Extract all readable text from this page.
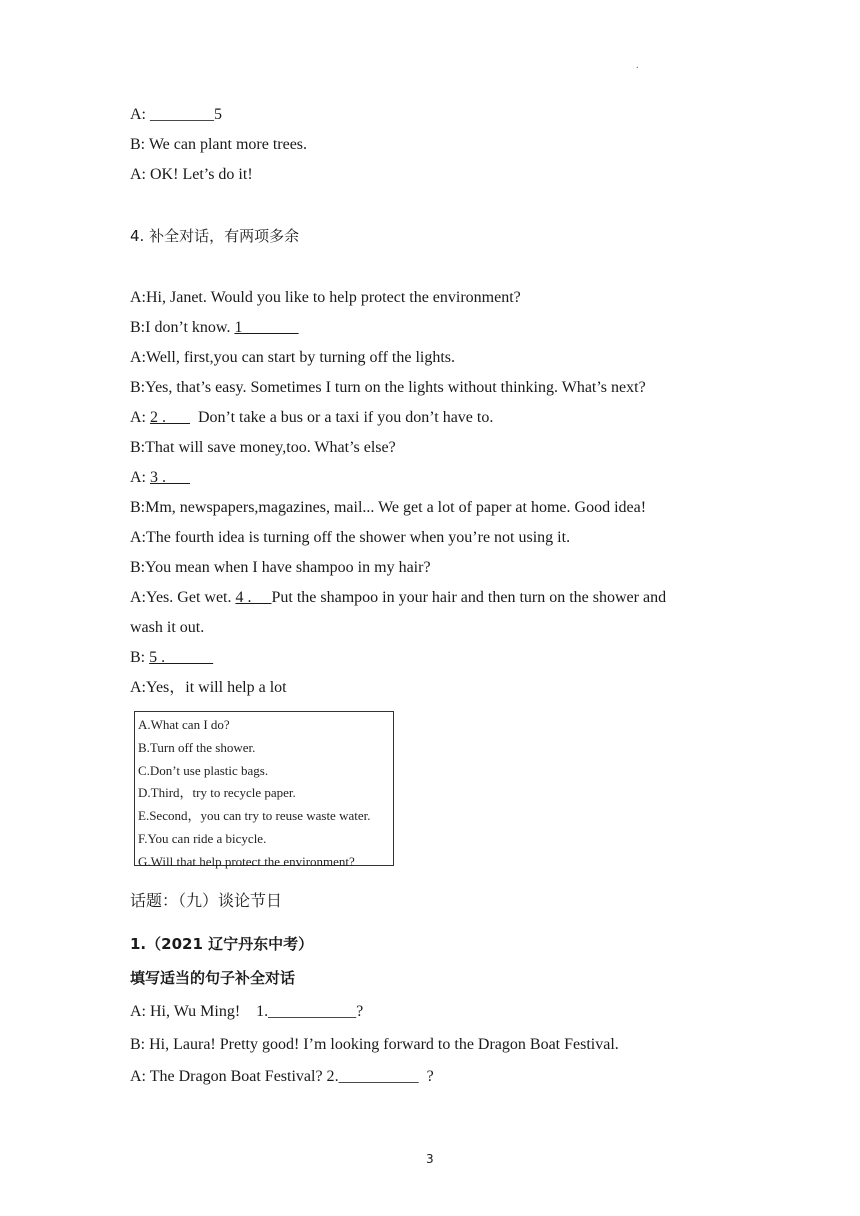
.
A: ________5
B: We can plant more trees.
A: OK! Let’s do it!
4. 补全对话，有两项多余
A:Hi, Janet. Would you like to help protect the environment?
B:I don’t know. 1_______
A:Well, first,you can start by turning off the lights.
B:Yes, that’s easy. Sometimes I turn on the lights without thinking. What’s next?
A: 2 .        Don’t take a bus or a taxi if you don’t have to.
B:That will save money,too. What’s else?
A: 3 .
B:Mm, newspapers,magazines, mail... We get a lot of paper at home. Good idea!
A:The fourth idea is turning off the shower when you’re not using it.
B:You mean when I have shampoo in my hair?
A:Yes. Get wet. 4 .     Put the shampoo in your hair and then turn on the shower and
wash it out.
B: 5 .
A:Yes，it will help a lot
A.What can I do?
B.Turn off the shower.
C.Don’t use plastic bags.
D.Third，try to recycle paper.
E.Second，you can try to reuse waste water.
F.You can ride a bicycle.
G.Will that help protect the environment?
话题：（九）谈论节日
1.（2021 辽宁丹东中考）
填写适当的句子补全对话
A: Hi, Wu Ming!    1.___________?
B: Hi, Laura! Pretty good! I’m looking forward to the Dragon Boat Festival.
A: The Dragon Boat Festival? 2.__________  ?
3
